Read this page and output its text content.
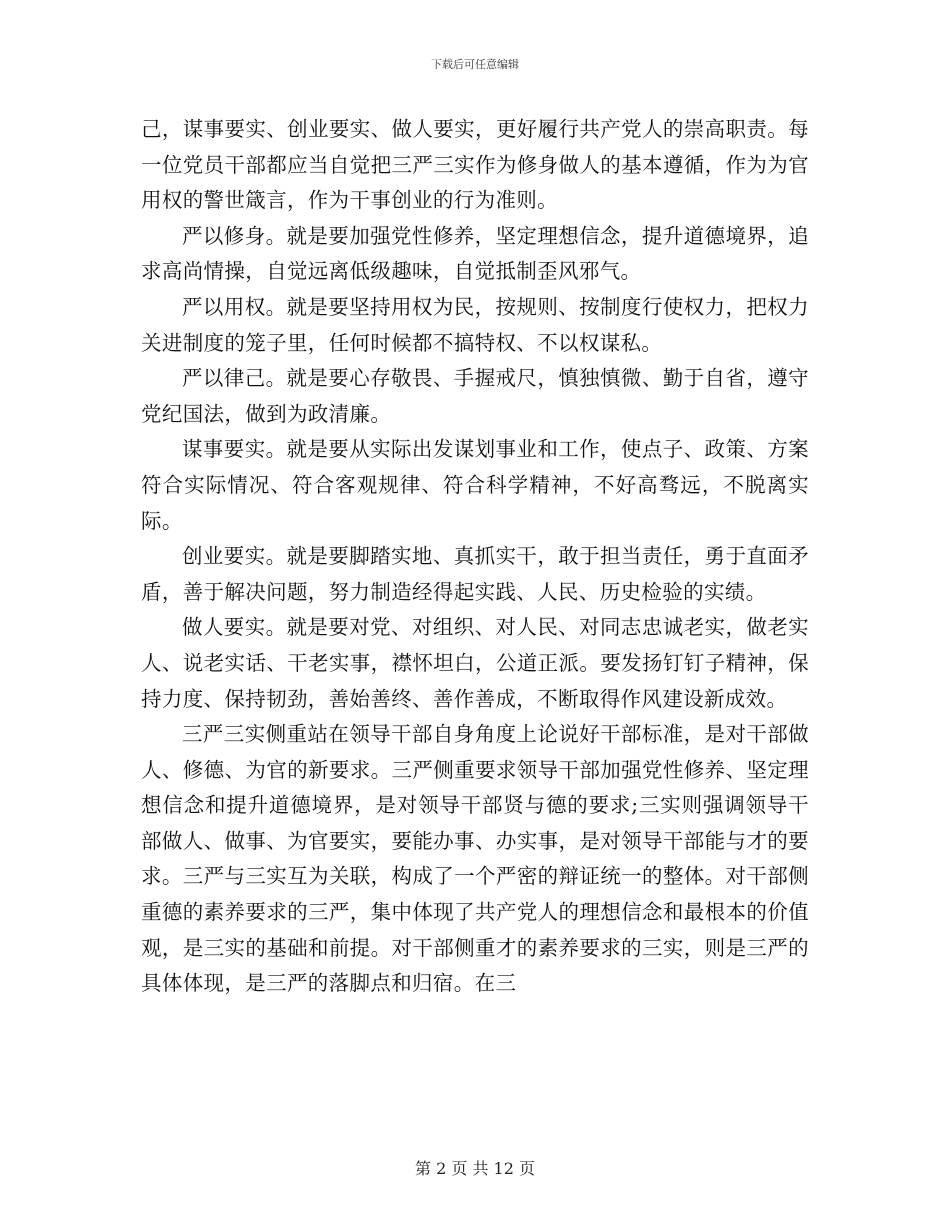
下载后可任意编辑

己，谋事要实、创业要实、做人要实，更好履行共产党人的崇高职责。每一位党员干部都应当自觉把三严三实作为修身做人的基本遵循，作为为官用权的警世箴言，作为干事创业的行为准则。

严以修身。就是要加强党性修养，坚定理想信念，提升道德境界，追求高尚情操，自觉远离低级趣味，自觉抵制歪风邪气。

严以用权。就是要坚持用权为民，按规则、按制度行使权力，把权力关进制度的笼子里，任何时候都不搞特权、不以权谋私。

严以律己。就是要心存敬畏、手握戒尺，慎独慎微、勤于自省，遵守党纪国法，做到为政清廉。

谋事要实。就是要从实际出发谋划事业和工作，使点子、政策、方案符合实际情况、符合客观规律、符合科学精神，不好高骛远，不脱离实际。

创业要实。就是要脚踏实地、真抓实干，敢于担当责任，勇于直面矛盾，善于解决问题，努力制造经得起实践、人民、历史检验的实绩。

做人要实。就是要对党、对组织、对人民、对同志忠诚老实，做老实人、说老实话、干老实事，襟怀坦白，公道正派。要发扬钉钉子精神，保持力度、保持韧劲，善始善终、善作善成，不断取得作风建设新成效。

三严三实侧重站在领导干部自身角度上论说好干部标准，是对干部做人、修德、为官的新要求。三严侧重要求领导干部加强党性修养、坚定理想信念和提升道德境界，是对领导干部贤与德的要求;三实则强调领导干部做人、做事、为官要实，要能办事、办实事，是对领导干部能与才的要求。三严与三实互为关联，构成了一个严密的辩证统一的整体。对干部侧重德的素养要求的三严，集中体现了共产党人的理想信念和最根本的价值观，是三实的基础和前提。对干部侧重才的素养要求的三实，则是三严的具体体现，是三严的落脚点和归宿。在三

第 2 页 共 12 页
